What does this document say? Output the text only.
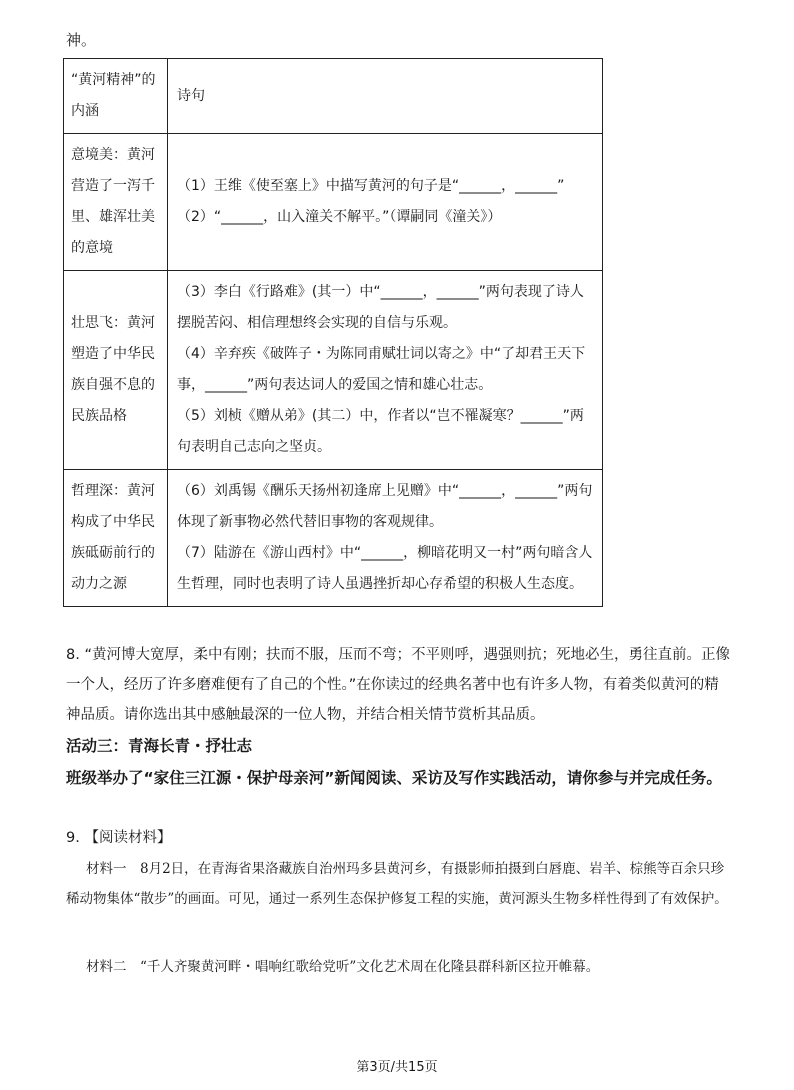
神。
“黄河精神”的内涵	诗句
意境美：黄河营造了一泻千里、雄浑壮美的意境	（1）王维《使至塞上》中描写黄河的句子是“______，______”
（2）“______，山入潼关不解平。”（谭嗣同《潼关》）

壮思飞：黄河塑造了中华民族自强不息的民族品格	（3）李白《行路难》(其一）中“______，______”两句表现了诗人摆脱苦闷、相信理想终会实现的自信与乐观。
（4）辛弃疾《破阵子・为陈同甫赋壮词以寄之》中“了却君王天下事，______”两句表达词人的爱国之情和雄心壮志。
（5）刘桢《赠从弟》(其二）中，作者以“岂不罹凝寒？______”两句表明自己志向之坚贞。

哲理深：黄河构成了中华民族砥砺前行的动力之源	（6）刘禹锡《酬乐天扬州初逢席上见赠》中“______，______”两句体现了新事物必然代替旧事物的客观规律。
（7）陆游在《游山西村》中“______，柳暗花明又一村”两句暗含人生哲理，同时也表明了诗人虽遇挫折却心存希望的积极人生态度。
8. “黄河博大宽厚，柔中有刚；扶而不服，压而不弯；不平则呼，遇强则抗；死地必生，勇往直前。正像一个人，经历了许多磨难便有了自己的个性。”在你读过的经典名著中也有许多人物，有着类似黄河的精神品质。请你选出其中感触最深的一位人物，并结合相关情节赏析其品质。
活动三：青海长青・抒壮志
班级举办了“家住三江源・保护母亲河”新闻阅读、采访及写作实践活动，请你参与并完成任务。
9. 【阅读材料】
材料一　8月2日，在青海省果洛藏族自治州玛多县黄河乡，有摄影师拍摄到白唇鹿、岩羊、棕熊等百余只珍稀动物集体“散步”的画面。可见，通过一系列生态保护修复工程的实施，黄河源头生物多样性得到了有效保护。
材料二　“千人齐聚黄河畔・唱响红歌给党听”文化艺术周在化隆县群科新区拉开帷幕。
第3页/共15页
